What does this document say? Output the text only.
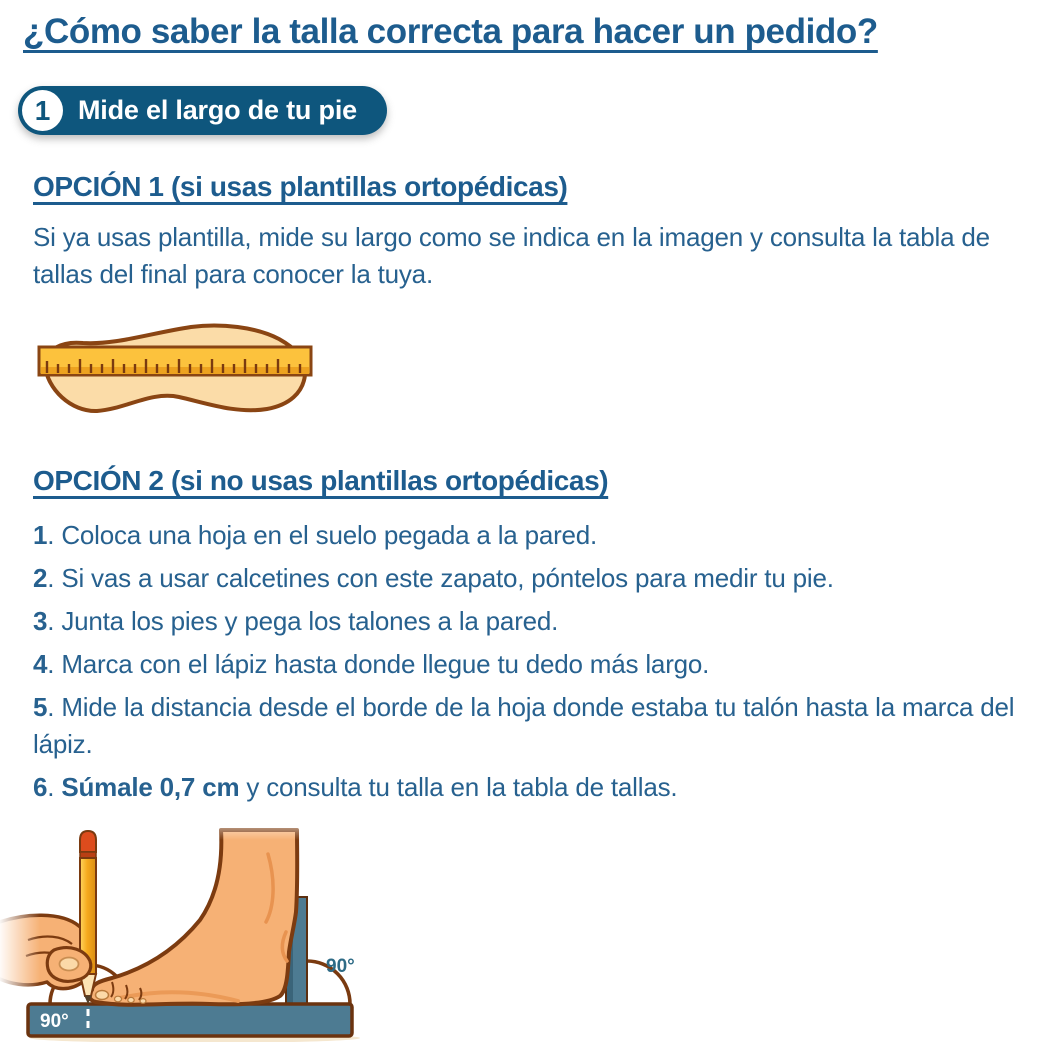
¿Cómo saber la talla correcta para hacer un pedido?
1	Mide el largo de tu pie
OPCIÓN 1 (si usas plantillas ortopédicas)

Si ya usas plantilla, mide su largo como se indica en la imagen y consulta la tabla de tallas del final para conocer la tuya.

OPCIÓN 2 (si no usas plantillas ortopédicas)
1. Coloca una hoja en el suelo pegada a la pared.
2. Si vas a usar calcetines con este zapato, póntelos para medir tu pie.
3. Junta los pies y pega los talones a la pared.
4. Marca con el lápiz hasta donde llegue tu dedo más largo.
5. Mide la distancia desde el borde de la hoja donde estaba tu talón hasta la marca del lápiz.
6. Súmale 0,7 cm y consulta tu talla en la tabla de tallas.
90°
90°
